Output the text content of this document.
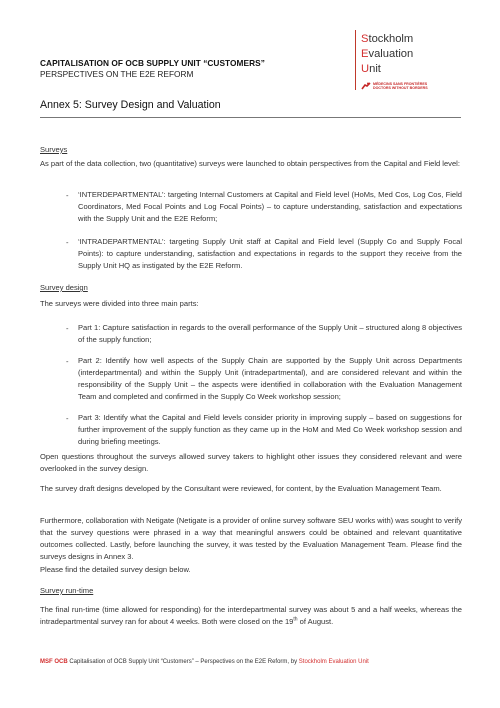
CAPITALISATION OF OCB SUPPLY UNIT “CUSTOMERS”
PERSPECTIVES ON THE E2E REFORM
Stockholm
Evaluation
Unit
MÉDECINS SANS FRONTIÈRES
DOCTORS WITHOUT BORDERS
Annex 5: Survey Design and Valuation

Surveys

As part of the data collection, two (quantitative) surveys were launched to obtain perspectives from the Capital and Field level:

- ‘INTERDEPARTMENTAL’: targeting Internal Customers at Capital and Field level (HoMs, Med Cos, Log Cos, Field Coordinators, Med Focal Points and Log Focal Points) – to capture understanding, satisfaction and expectations with the Supply Unit and the E2E Reform;

- ‘INTRADEPARTMENTAL’: targeting Supply Unit staff at Capital and Field level (Supply Co and Supply Focal Points): to capture understanding, satisfaction and expectations in regards to the support they receive from the Supply Unit HQ as instigated by the E2E Reform.

Survey design

The surveys were divided into three main parts:

- Part 1: Capture satisfaction in regards to the overall performance of the Supply Unit – structured along 8 objectives of the supply function;

- Part 2: Identify how well aspects of the Supply Chain are supported by the Supply Unit across Departments (interdepartmental) and within the Supply Unit (intradepartmental), and are considered relevant and within the responsibility of the Supply Unit – the aspects were identified in collaboration with the Evaluation Management Team and completed and confirmed in the Supply Co Week workshop session;

- Part 3: Identify what the Capital and Field levels consider priority in improving supply – based on suggestions for further improvement of the supply function as they came up in the HoM and Med Co Week workshop session and during briefing meetings.

Open questions throughout the surveys allowed survey takers to highlight other issues they considered relevant and were overlooked in the survey design.

The survey draft designs developed by the Consultant were reviewed, for content, by the Evaluation Management Team.

Furthermore, collaboration with Netigate (Netigate is a provider of online survey software SEU works with) was sought to verify that the survey questions were phrased in a way that meaningful answers could be obtained and relevant quantitative outcomes collected. Lastly, before launching the survey, it was tested by the Evaluation Management Team. Please find the surveys designs in Annex 3.

Please find the detailed survey design below.

Survey run-time

The final run-time (time allowed for responding) for the interdepartmental survey was about 5 and a half weeks, whereas the intradepartmental survey ran for about 4 weeks. Both were closed on the 19th of August.

MSF OCB Capitalisation of OCB Supply Unit “Customers” – Perspectives on the E2E Reform, by Stockholm Evaluation Unit
